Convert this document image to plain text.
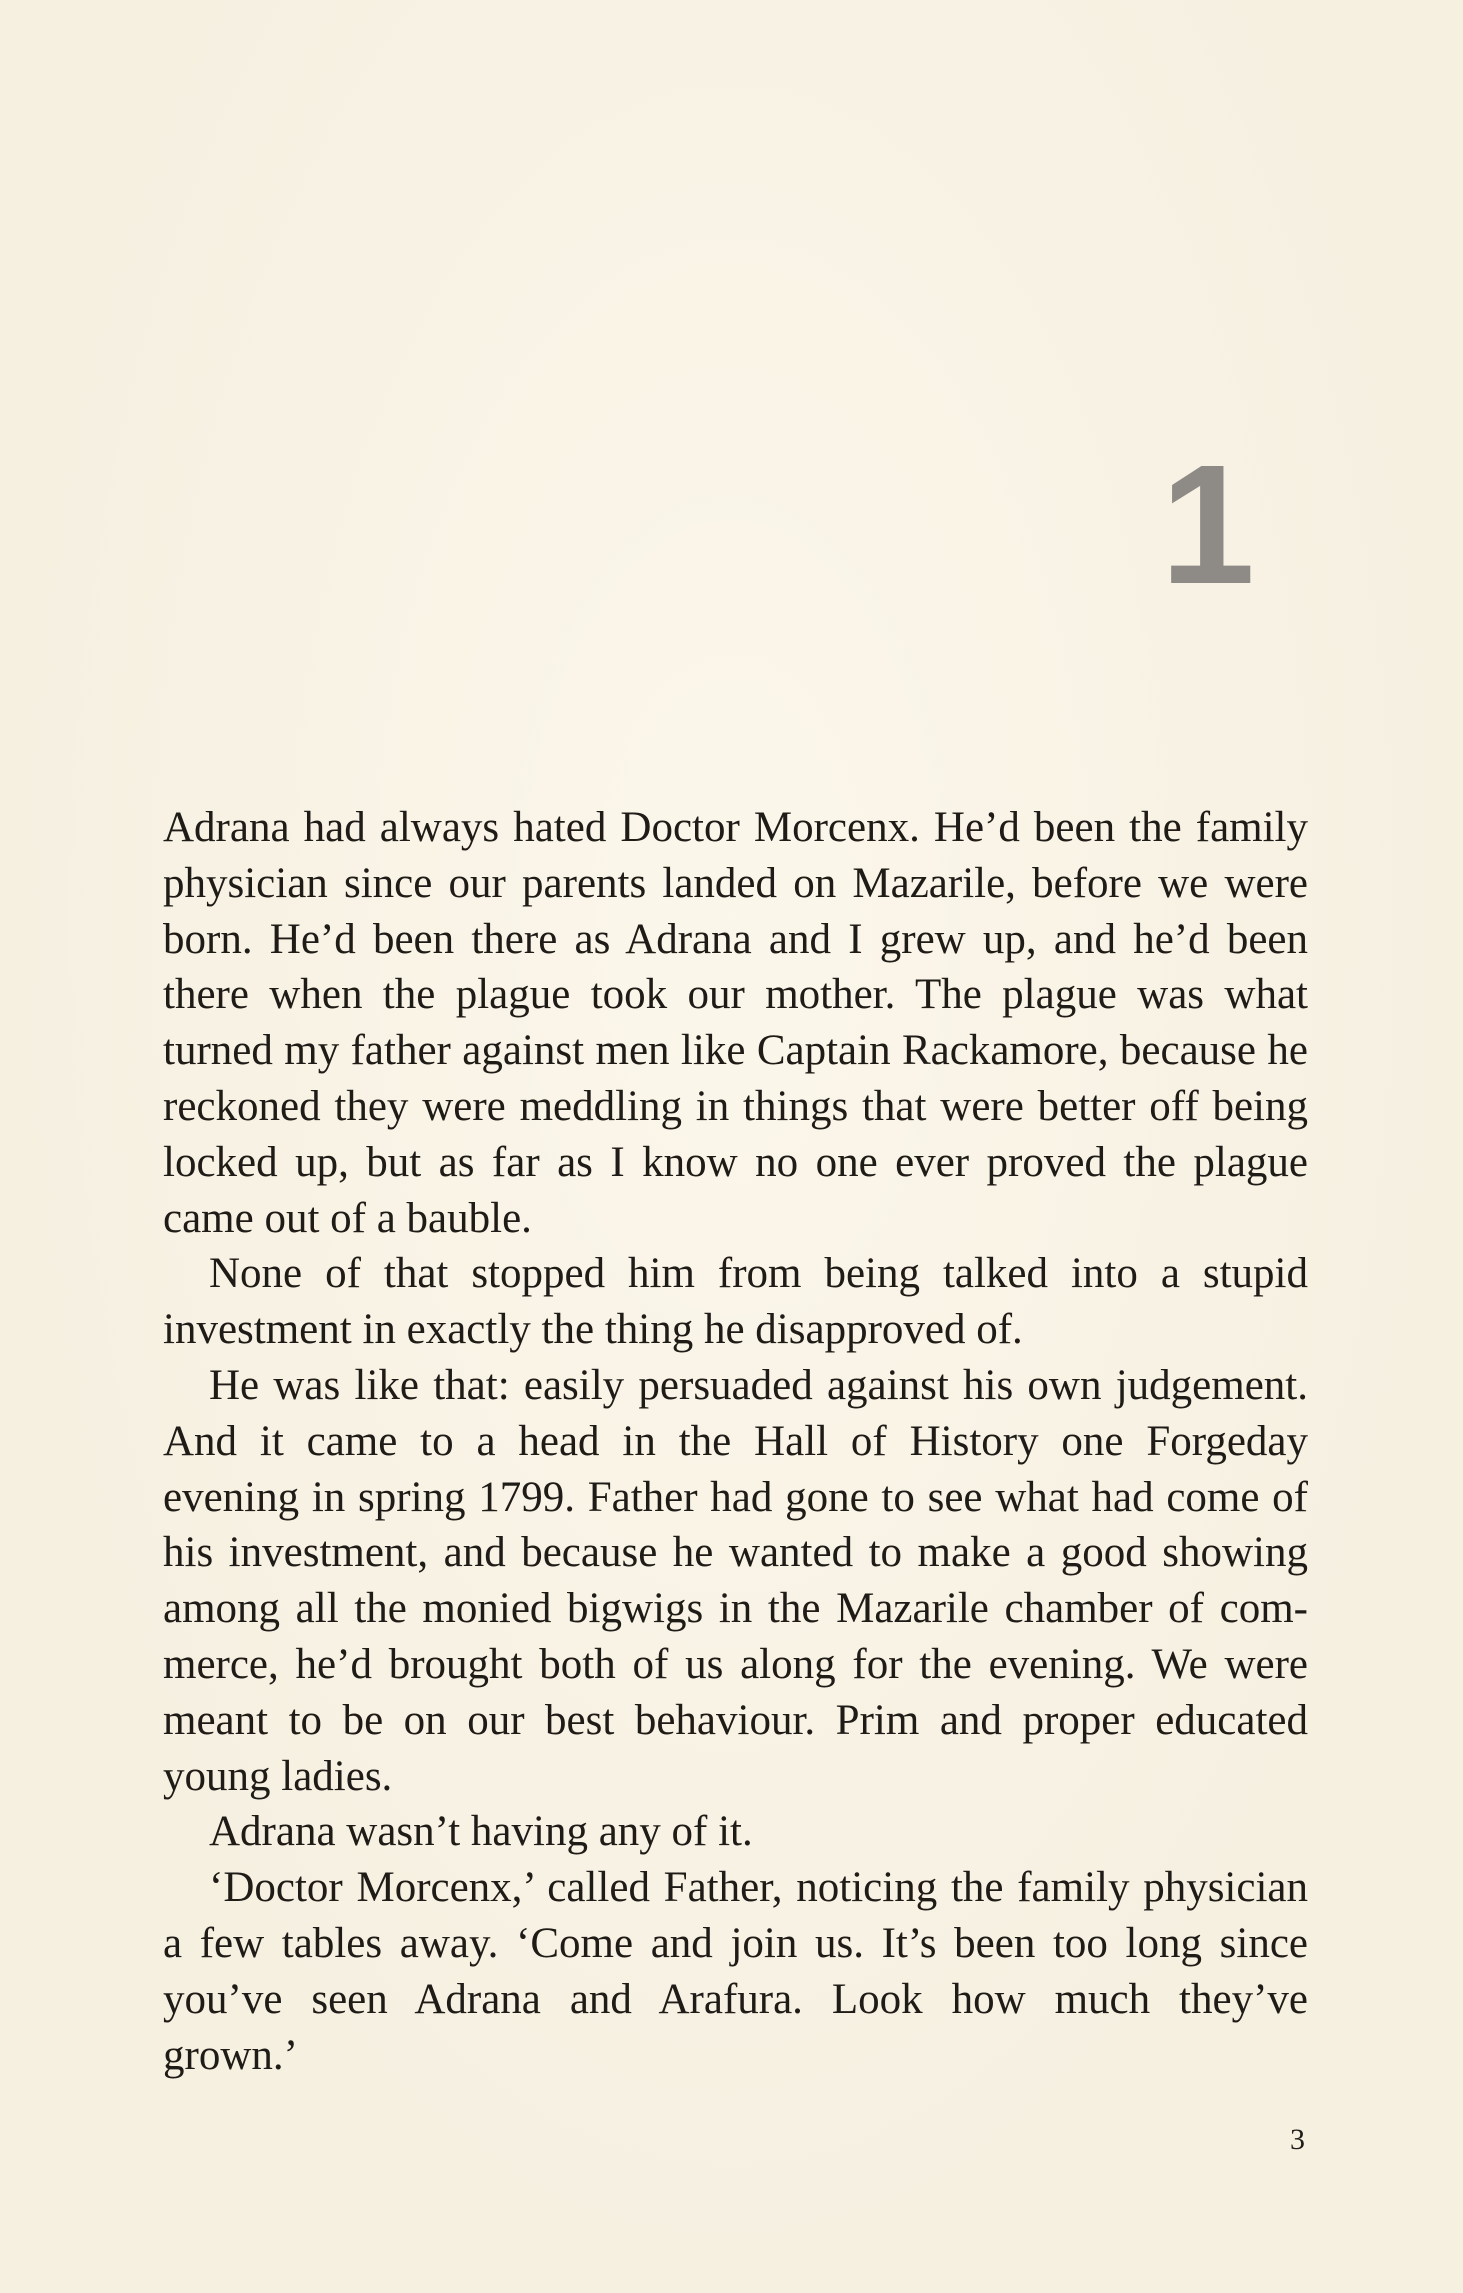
1

Adrana had always hated Doctor Morcenx. He’d been the family physician since our parents landed on Mazarile, before we were born. He’d been there as Adrana and I grew up, and he’d been there when the plague took our mother. The plague was what turned my father against men like Captain Rackamore, because he reckoned they were meddling in things that were better off being locked up, but as far as I know no one ever proved the plague came out of a bauble.

None of that stopped him from being talked into a stupid investment in exactly the thing he disapproved of.

He was like that: easily persuaded against his own judgement. And it came to a head in the Hall of History one Forgeday evening in spring 1799. Father had gone to see what had come of his investment, and because he wanted to make a good showing among all the monied bigwigs in the Mazarile chamber of commerce, he’d brought both of us along for the evening. We were meant to be on our best behaviour. Prim and proper educated young ladies.

Adrana wasn’t having any of it.

‘Doctor Morcenx,’ called Father, noticing the family physician a few tables away. ‘Come and join us. It’s been too long since you’ve seen Adrana and Arafura. Look how much they’ve grown.’

3
